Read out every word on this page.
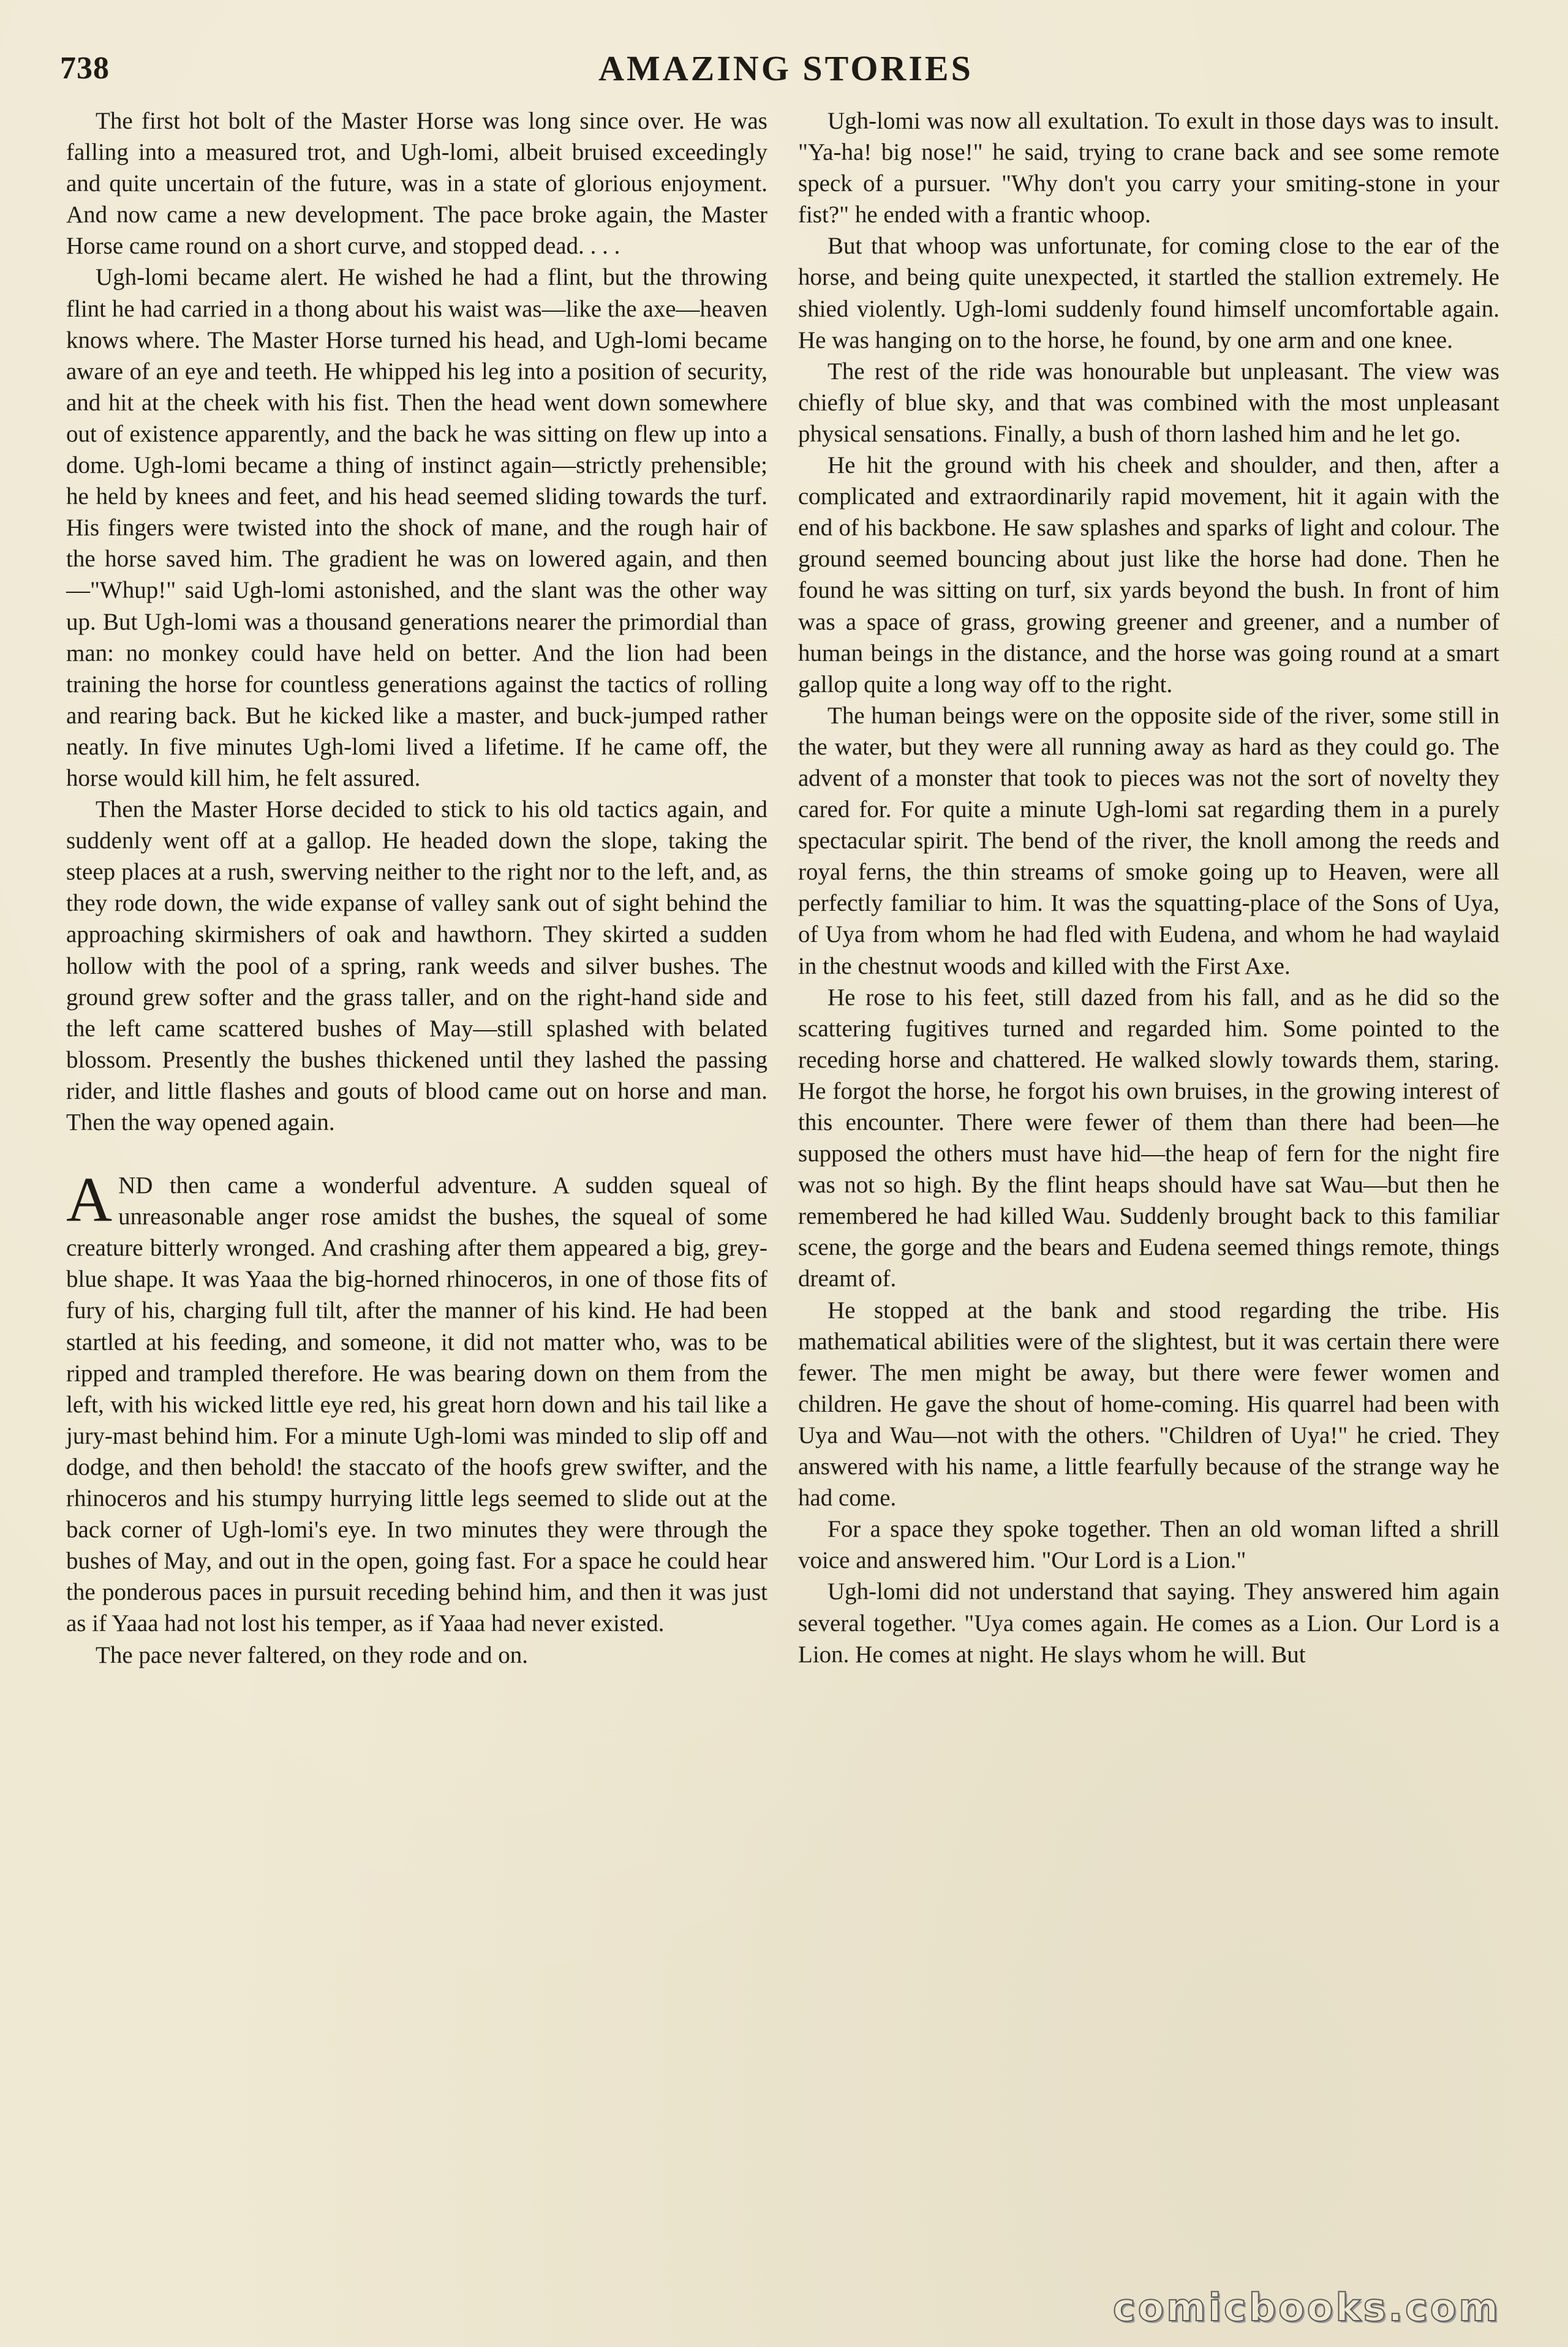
738	AMAZING STORIES

The first hot bolt of the Master Horse was long since over. He was falling into a measured trot, and Ugh-lomi, albeit bruised exceedingly and quite uncertain of the future, was in a state of glorious enjoyment. And now came a new development. The pace broke again, the Master Horse came round on a short curve, and stopped dead. . . .

Ugh-lomi became alert. He wished he had a flint, but the throwing flint he had carried in a thong about his waist was—like the axe—heaven knows where. The Master Horse turned his head, and Ugh-lomi became aware of an eye and teeth. He whipped his leg into a position of security, and hit at the cheek with his fist. Then the head went down somewhere out of existence apparently, and the back he was sitting on flew up into a dome. Ugh-lomi became a thing of instinct again—strictly prehensible; he held by knees and feet, and his head seemed sliding towards the turf. His fingers were twisted into the shock of mane, and the rough hair of the horse saved him. The gradient he was on lowered again, and then—"Whup!" said Ugh-lomi astonished, and the slant was the other way up. But Ugh-lomi was a thousand generations nearer the primordial than man: no monkey could have held on better. And the lion had been training the horse for countless generations against the tactics of rolling and rearing back. But he kicked like a master, and buck-jumped rather neatly. In five minutes Ugh-lomi lived a lifetime. If he came off, the horse would kill him, he felt assured.

Then the Master Horse decided to stick to his old tactics again, and suddenly went off at a gallop. He headed down the slope, taking the steep places at a rush, swerving neither to the right nor to the left, and, as they rode down, the wide expanse of valley sank out of sight behind the approaching skirmishers of oak and hawthorn. They skirted a sudden hollow with the pool of a spring, rank weeds and silver bushes. The ground grew softer and the grass taller, and on the right-hand side and the left came scattered bushes of May—still splashed with belated blossom. Presently the bushes thickened until they lashed the passing rider, and little flashes and gouts of blood came out on horse and man. Then the way opened again.

AND then came a wonderful adventure. A sudden squeal of unreasonable anger rose amidst the bushes, the squeal of some creature bitterly wronged. And crashing after them appeared a big, grey-blue shape. It was Yaaa the big-horned rhinoceros, in one of those fits of fury of his, charging full tilt, after the manner of his kind. He had been startled at his feeding, and someone, it did not matter who, was to be ripped and trampled therefore. He was bearing down on them from the left, with his wicked little eye red, his great horn down and his tail like a jury-mast behind him. For a minute Ugh-lomi was minded to slip off and dodge, and then behold! the staccato of the hoofs grew swifter, and the rhinoceros and his stumpy hurrying little legs seemed to slide out at the back corner of Ugh-lomi's eye. In two minutes they were through the bushes of May, and out in the open, going fast. For a space he could hear the ponderous paces in pursuit receding behind him, and then it was just as if Yaaa had not lost his temper, as if Yaaa had never existed.

The pace never faltered, on they rode and on.

Ugh-lomi was now all exultation. To exult in those days was to insult. "Ya-ha! big nose!" he said, trying to crane back and see some remote speck of a pursuer. "Why don't you carry your smiting-stone in your fist?" he ended with a frantic whoop.

But that whoop was unfortunate, for coming close to the ear of the horse, and being quite unexpected, it startled the stallion extremely. He shied violently. Ugh-lomi suddenly found himself uncomfortable again. He was hanging on to the horse, he found, by one arm and one knee.

The rest of the ride was honourable but unpleasant. The view was chiefly of blue sky, and that was combined with the most unpleasant physical sensations. Finally, a bush of thorn lashed him and he let go.

He hit the ground with his cheek and shoulder, and then, after a complicated and extraordinarily rapid movement, hit it again with the end of his backbone. He saw splashes and sparks of light and colour. The ground seemed bouncing about just like the horse had done. Then he found he was sitting on turf, six yards beyond the bush. In front of him was a space of grass, growing greener and greener, and a number of human beings in the distance, and the horse was going round at a smart gallop quite a long way off to the right.

The human beings were on the opposite side of the river, some still in the water, but they were all running away as hard as they could go. The advent of a monster that took to pieces was not the sort of novelty they cared for. For quite a minute Ugh-lomi sat regarding them in a purely spectacular spirit. The bend of the river, the knoll among the reeds and royal ferns, the thin streams of smoke going up to Heaven, were all perfectly familiar to him. It was the squatting-place of the Sons of Uya, of Uya from whom he had fled with Eudena, and whom he had waylaid in the chestnut woods and killed with the First Axe.

He rose to his feet, still dazed from his fall, and as he did so the scattering fugitives turned and regarded him. Some pointed to the receding horse and chattered. He walked slowly towards them, staring. He forgot the horse, he forgot his own bruises, in the growing interest of this encounter. There were fewer of them than there had been—he supposed the others must have hid—the heap of fern for the night fire was not so high. By the flint heaps should have sat Wau—but then he remembered he had killed Wau. Suddenly brought back to this familiar scene, the gorge and the bears and Eudena seemed things remote, things dreamt of.

He stopped at the bank and stood regarding the tribe. His mathematical abilities were of the slightest, but it was certain there were fewer. The men might be away, but there were fewer women and children. He gave the shout of home-coming. His quarrel had been with Uya and Wau—not with the others. "Children of Uya!" he cried. They answered with his name, a little fearfully because of the strange way he had come.

For a space they spoke together. Then an old woman lifted a shrill voice and answered him. "Our Lord is a Lion."

Ugh-lomi did not understand that saying. They answered him again several together. "Uya comes again. He comes as a Lion. Our Lord is a Lion. He comes at night. He slays whom he will. But

comicbooks.com
